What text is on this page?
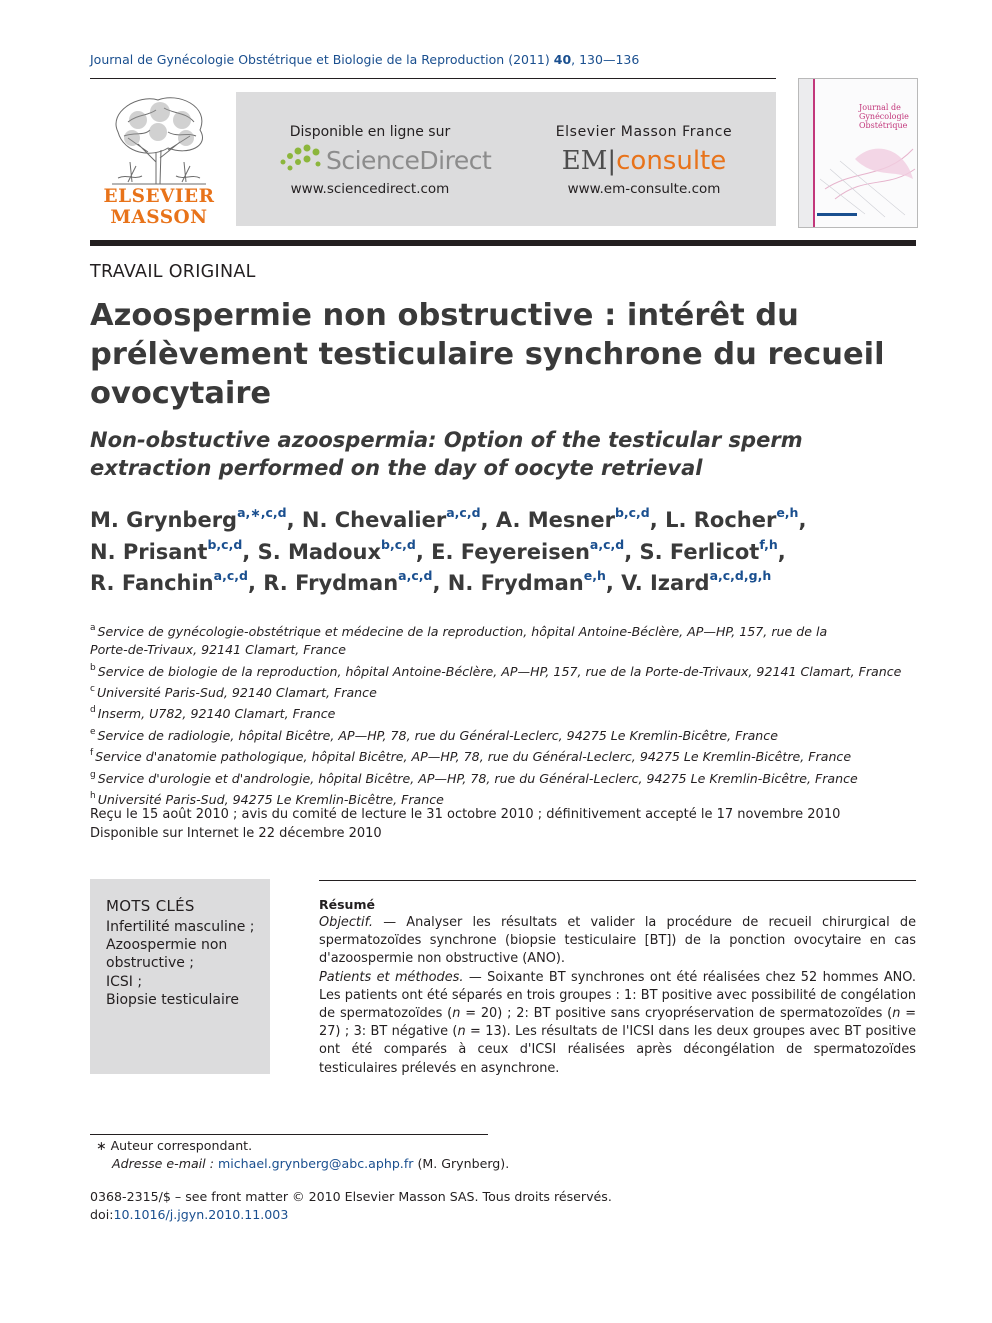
Journal de Gynécologie Obstétrique et Biologie de la Reproduction (2011) 40, 130—136
ELSEVIER
MASSON
Disponible en ligne sur
ScienceDirect
www.sciencedirect.com
Elsevier Masson France
EM|consulte
www.em-consulte.com
Journal de Gynécologie Obstétrique
TRAVAIL ORIGINAL
Azoospermie non obstructive : intérêt du prélèvement testiculaire synchrone du recueil ovocytaire
Non-obstuctive azoospermia: Option of the testicular sperm extraction performed on the day of oocyte retrieval
M. Grynberg$^{a,∗,c,d}$, N. Chevalier$^{a,c,d}$, A. Mesner$^{b,c,d}$, L. Rocher$^{e,h}$,
N. Prisant$^{b,c,d}$, S. Madoux$^{b,c,d}$, E. Feyereisen$^{a,c,d}$, S. Ferlicot$^{f,h}$,
R. Fanchin$^{a,c,d}$, R. Frydman$^{a,c,d}$, N. Frydman$^{e,h}$, V. Izard$^{a,c,d,g,h}$
$^a$ Service de gynécologie-obstétrique et médecine de la reproduction, hôpital Antoine-Béclère, AP—HP, 157, rue de la Porte-de-Trivaux, 92141 Clamart, France
$^b$ Service de biologie de la reproduction, hôpital Antoine-Béclère, AP—HP, 157, rue de la Porte-de-Trivaux, 92141 Clamart, France
$^c$ Université Paris-Sud, 92140 Clamart, France
$^d$ Inserm, U782, 92140 Clamart, France
$^e$ Service de radiologie, hôpital Bicêtre, AP—HP, 78, rue du Général-Leclerc, 94275 Le Kremlin-Bicêtre, France
$^f$ Service d'anatomie pathologique, hôpital Bicêtre, AP—HP, 78, rue du Général-Leclerc, 94275 Le Kremlin-Bicêtre, France
$^g$ Service d'urologie et d'andrologie, hôpital Bicêtre, AP—HP, 78, rue du Général-Leclerc, 94275 Le Kremlin-Bicêtre, France
$^h$ Université Paris-Sud, 94275 Le Kremlin-Bicêtre, France
Reçu le 15 août 2010 ; avis du comité de lecture le 31 octobre 2010 ; définitivement accepté le 17 novembre 2010
Disponible sur Internet le 22 décembre 2010
MOTS CLÉS
Infertilité masculine ;
Azoospermie non obstructive ;
ICSI ;
Biopsie testiculaire
Résumé

Objectif. — Analyser les résultats et valider la procédure de recueil chirurgical de spermatozoïdes synchrone (biopsie testiculaire [BT]) de la ponction ovocytaire en cas d'azoospermie non obstructive (ANO).

Patients et méthodes. — Soixante BT synchrones ont été réalisées chez 52 hommes ANO. Les patients ont été séparés en trois groupes : 1: BT positive avec possibilité de congélation de spermatozoïdes (n = 20) ; 2: BT positive sans cryopréservation de spermatozoïdes (n = 27) ; 3: BT négative (n = 13). Les résultats de l'ICSI dans les deux groupes avec BT positive ont été comparés à ceux d'ICSI réalisées après décongélation de spermatozoïdes testiculaires prélevés en asynchrone.

∗ Auteur correspondant.
Adresse e-mail : michael.grynberg@abc.aphp.fr (M. Grynberg).
0368-2315/$ – see front matter © 2010 Elsevier Masson SAS. Tous droits réservés.
doi:10.1016/j.jgyn.2010.11.003
